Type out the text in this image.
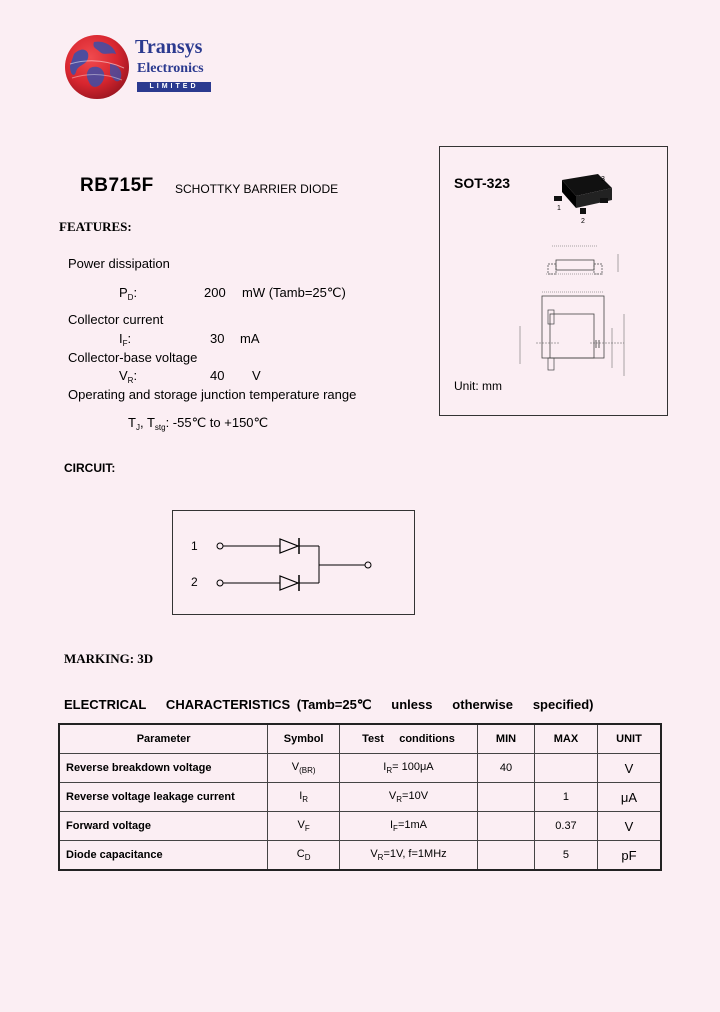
Transys
Electronics
LIMITED
RB715F SCHOTTKY BARRIER DIODE
FEATURES:
Power dissipation
$P_D$:	200 mW (Tamb=25℃)
Collector current
$I_F$:	30 mA
Collector-base voltage
$V_R$:	40 V
Operating and storage junction temperature range
$T_J$, $T_{stg}$: -55℃ to +150℃
SOT-323
Unit: mm
3
1
2
CIRCUIT:
1
2
MARKING: 3D
ELECTRICAL   CHARACTERISTICS (Tamb=25℃   unless   otherwise   specified)
Parameter	Symbol	Test     conditions	MIN	MAX	UNIT
Reverse breakdown voltage	$V_{(BR)}$	$I_R= 100\mu A$	40		V
Reverse voltage leakage current	$I_R$	$V_R=10V$		1	μA
Forward voltage	$V_F$	$I_F=1mA$		0.37	V
Diode capacitance	$C_D$	$V_R=1V$, f=1MHz		5	pF
